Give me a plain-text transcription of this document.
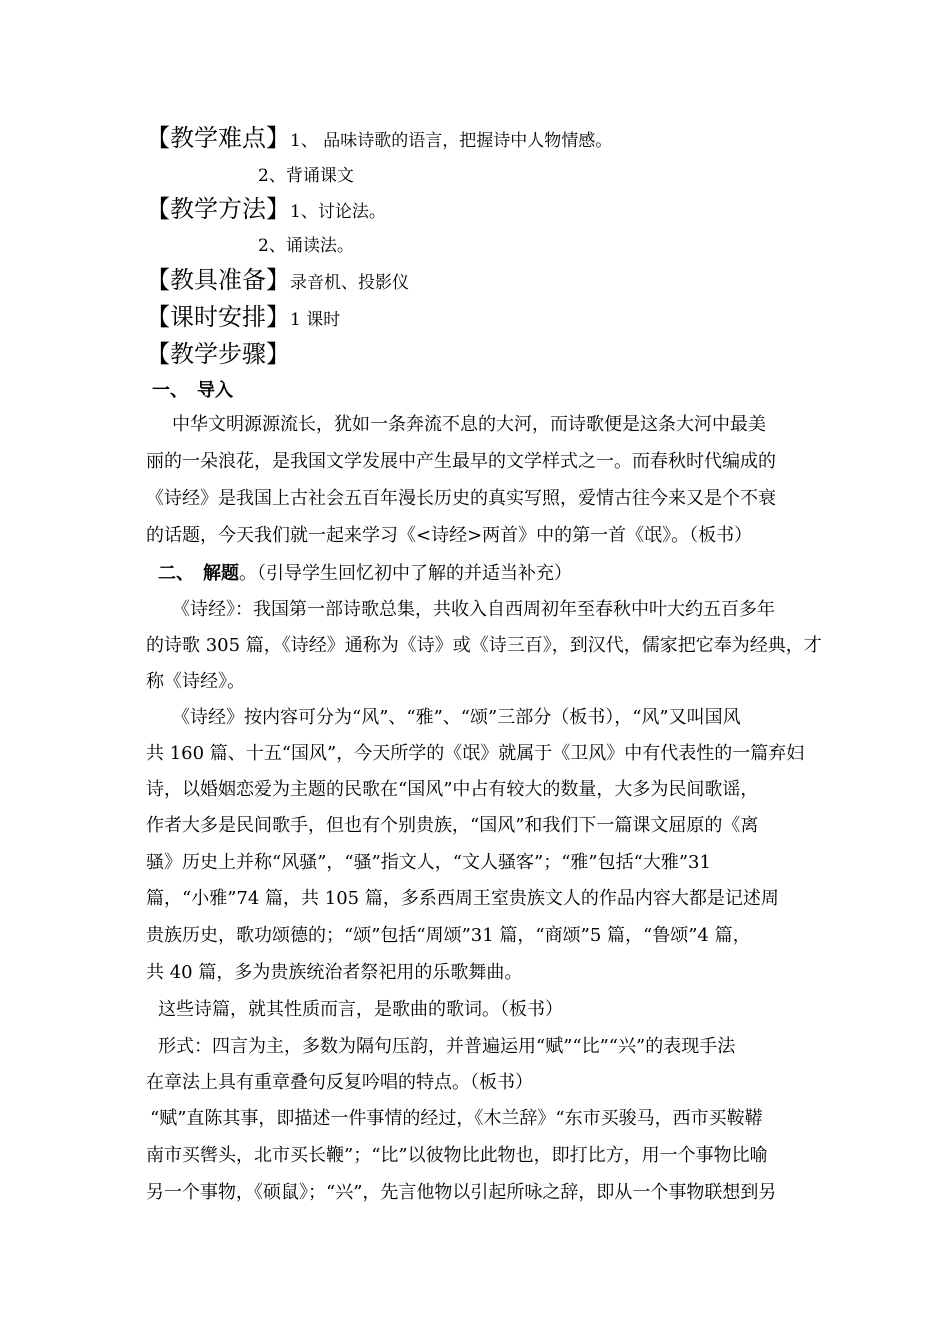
【教学难点】1、 品味诗歌的语言，把握诗中人物情感。
2、背诵课文
【教学方法】1、讨论法。
2、诵读法。
【教具准备】录音机、投影仪
【课时安排】1 课时
【教学步骤】
一、　导入
中华文明源源流长，犹如一条奔流不息的大河，而诗歌便是这条大河中最美
丽的一朵浪花，是我国文学发展中产生最早的文学样式之一。而春秋时代编成的
《诗经》是我国上古社会五百年漫长历史的真实写照，爱情古往今来又是个不衰
的话题，今天我们就一起来学习《<诗经>两首》中的第一首《氓》。（板书）
二、　解题。（引导学生回忆初中了解的并适当补充）
《诗经》：我国第一部诗歌总集，共收入自西周初年至春秋中叶大约五百多年
的诗歌 305 篇，《诗经》通称为《诗》或《诗三百》，到汉代，儒家把它奉为经典，才
称《诗经》。
《诗经》按内容可分为“风”、“雅”、“颂”三部分（板书），“风”又叫国风
共 160 篇、十五“国风”，今天所学的《氓》就属于《卫风》中有代表性的一篇弃妇
诗，以婚姻恋爱为主题的民歌在“国风”中占有较大的数量，大多为民间歌谣，
作者大多是民间歌手，但也有个别贵族，“国风”和我们下一篇课文屈原的《离
骚》历史上并称“风骚”，“骚”指文人，“文人骚客”；“雅”包括“大雅”31
篇，“小雅”74 篇，共 105 篇，多系西周王室贵族文人的作品内容大都是记述周
贵族历史，歌功颂德的；“颂”包括“周颂”31 篇，“商颂”5 篇，“鲁颂”4 篇，
共 40 篇，多为贵族统治者祭祀用的乐歌舞曲。
这些诗篇，就其性质而言，是歌曲的歌词。（板书）
形式：四言为主，多数为隔句压韵，并普遍运用“赋”“比”“兴”的表现手法
在章法上具有重章叠句反复吟唱的特点。（板书）
“赋”直陈其事，即描述一件事情的经过，《木兰辞》“东市买骏马，西市买鞍鞯
南市买辔头，北市买长鞭”；“比”以彼物比此物也，即打比方，用一个事物比喻
另一个事物，《硕鼠》；“兴”，先言他物以引起所咏之辞，即从一个事物联想到另
